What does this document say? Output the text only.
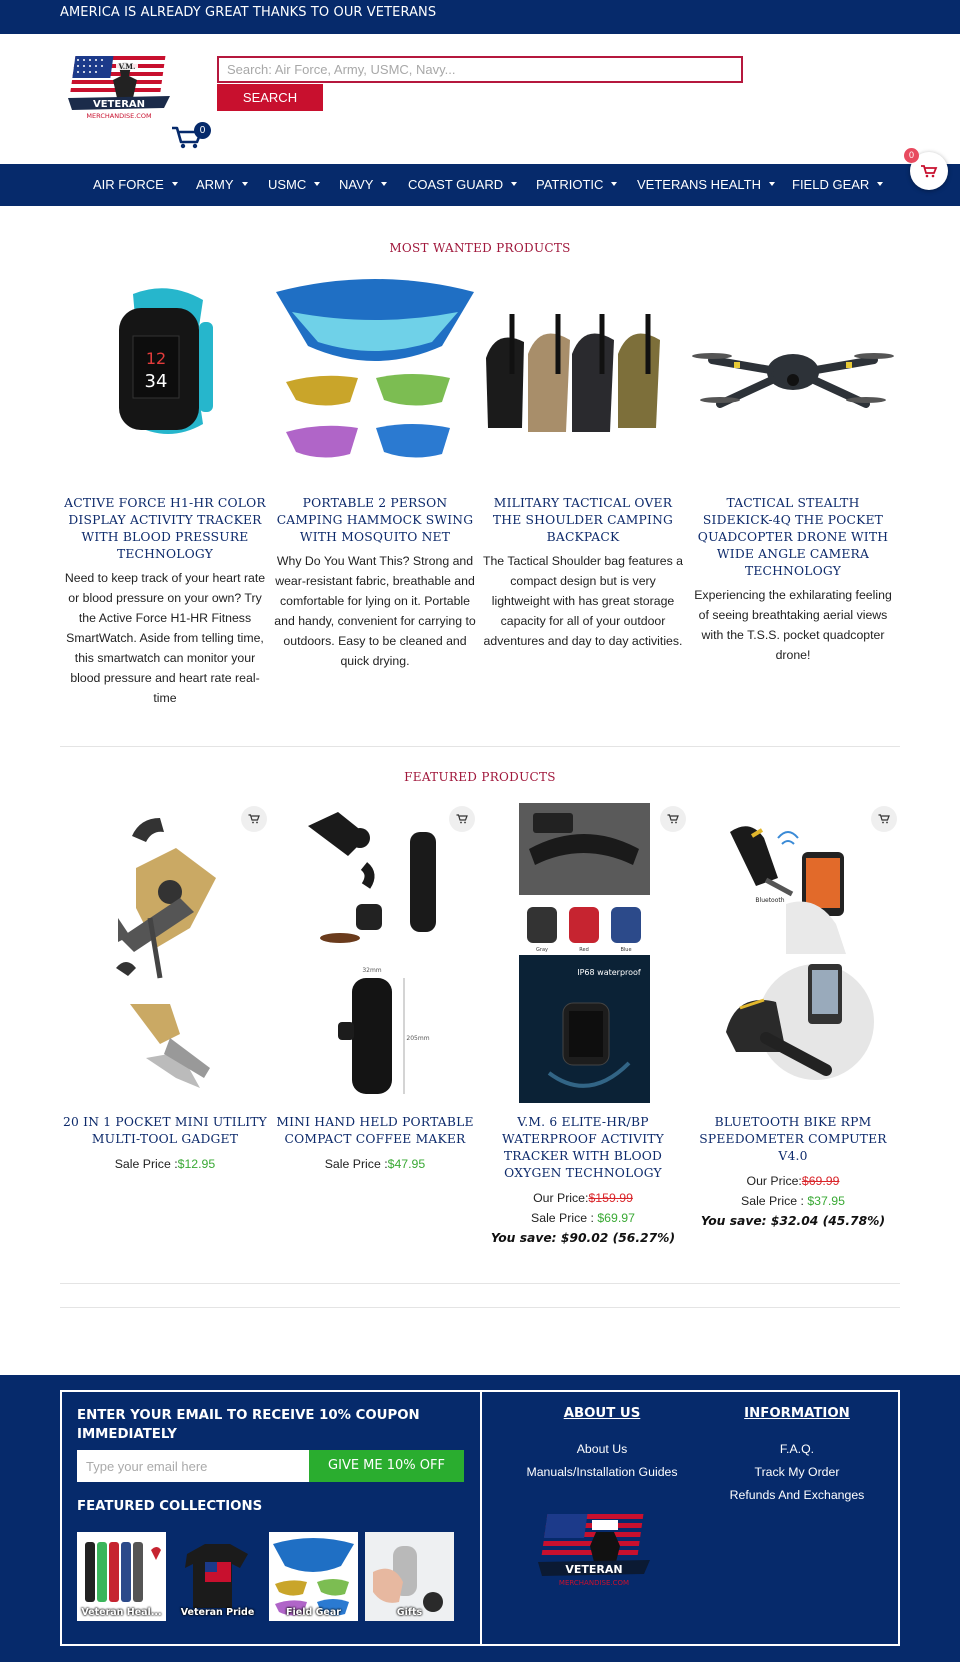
AMERICA IS ALREADY GREAT THANKS TO OUR VETERANS
V.M.
VETERAN
MERCHANDISE.COM
Search: Air Force, Army, USMC, Navy...
SEARCH
0
AIR FORCE	ARMY	USMC	NAVY	COAST GUARD	PATRIOTIC	VETERANS HEALTH	FIELD GEAR
0
MOST WANTED PRODUCTS
12
34
ACTIVE FORCE H1-HR COLOR DISPLAY ACTIVITY TRACKER WITH BLOOD PRESSURE TECHNOLOGY
Need to keep track of your heart rate or blood pressure on your own? Try the Active Force H1-HR Fitness SmartWatch. Aside from telling time, this smartwatch can monitor your blood pressure and heart rate real-time
PORTABLE 2 PERSON CAMPING HAMMOCK SWING WITH MOSQUITO NET
Why Do You Want This? Strong and wear-resistant fabric, breathable and comfortable for lying on it. Portable and handy, convenient for carrying to outdoors. Easy to be cleaned and quick drying.
MILITARY TACTICAL OVER THE SHOULDER CAMPING BACKPACK
The Tactical Shoulder bag features a compact design but is very lightweight with has great storage capacity for all of your outdoor adventures and day to day activities.
TACTICAL STEALTH SIDEKICK-4Q THE POCKET QUADCOPTER DRONE WITH WIDE ANGLE CAMERA TECHNOLOGY
Experiencing the exhilarating feeling of seeing breathtaking aerial views with the T.S.S. pocket quadcopter drone!
FEATURED PRODUCTS
32mm
205mm
Gray	Red	Blue
IP68 waterproof
Bluetooth
20 IN 1 POCKET MINI UTILITY MULTI-TOOL GADGET
Sale Price :$12.95
MINI HAND HELD PORTABLE COMPACT COFFEE MAKER
Sale Price :$47.95
V.M. 6 ELITE-HR/BP WATERPROOF ACTIVITY TRACKER WITH BLOOD OXYGEN TECHNOLOGY
Our Price:$159.99
Sale Price : $69.97
You save: $90.02 (56.27%)
BLUETOOTH BIKE RPM SPEEDOMETER COMPUTER V4.0
Our Price:$69.99
Sale Price : $37.95
You save: $32.04 (45.78%)
ENTER YOUR EMAIL TO RECEIVE 10% COUPON IMMEDIATELY
Type your email here
GIVE ME 10% OFF
FEATURED COLLECTIONS
Veteran Heal...	Veteran Pride	Field Gear	Gifts
ABOUT US
About Us
Manuals/Installation Guides
INFORMATION
F.A.Q.
Track My Order
Refunds And Exchanges
VETERAN
MERCHANDISE.COM
